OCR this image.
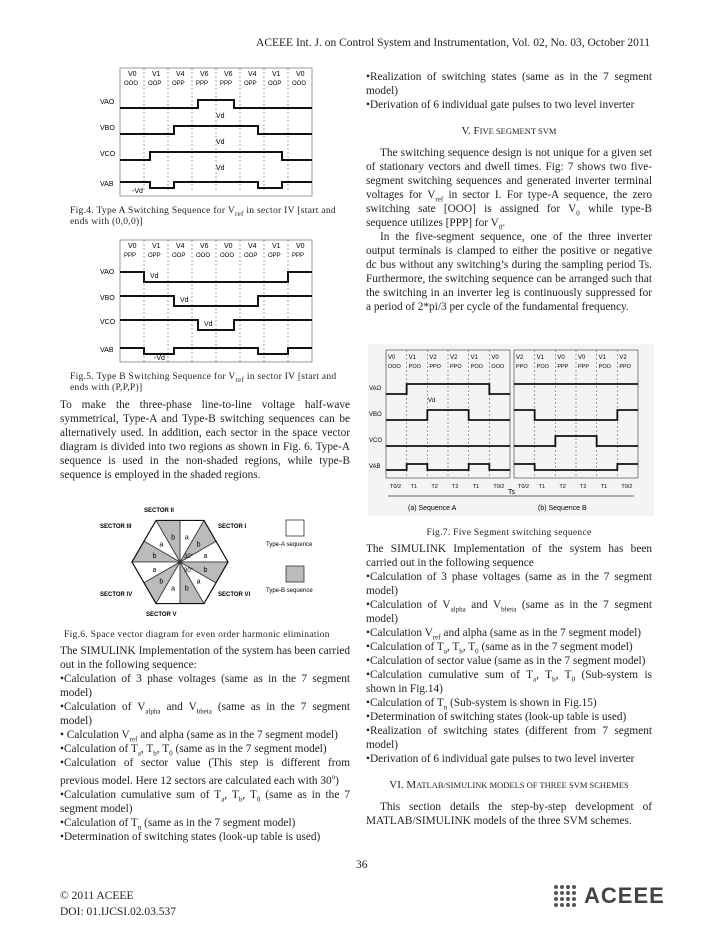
ACEEE Int. J. on Control System and Instrumentation, Vol. 02, No. 03, October 2011
V0
OOO
V1
OOP
V4
OPP
V6
PPP
V6
PPP
V4
OPP
V1
OOP
V0
OOO
VAO
VBO
VCO
VAB
Vd
Vd
Vd
-Vd
Fig.4. Type A Switching Sequence for $V_{ref}$ in sector IV [start and ends with (0,0,0)]
V0
PPP
V1
OPP
V4
OOP
V6
OOO
V0
OOO
V4
OOP
V1
OPP
V0
PPP
VAO
VBO
VCO
VAB
Vd
Vd
Vd
-Vd
Fig.5. Type B Switching Sequence for $V_{ref}$ in sector IV [start and ends with (P,P,P)]

To make the three-phase line-to-line voltage half-wave symmetrical, Type-A and Type-B switching sequences can be alternatively used. In addition, each sector in the space vector diagram is divided into two regions as shown in Fig. 6. Type-A sequence is used in the non-shaded regions, while type-B sequence is employed in the shaded regions.

a
b
a
b
a
b
a
b
a b
a
b
30°
30°
SECTOR II
SECTOR I
SECTOR III
SECTOR IV
SECTOR V
SECTOR VI
Type-A sequence
Type-B sequence
Fig.6. Space vector diagram for even order harmonic elimination

The SIMULINK Implementation of the system has been carried out in the following sequence:

• Calculation of 3 phase voltages (same as in the 7 segment model)

• Calculation of $V_{alpha}$ and $V_{bheta}$ (same as in the 7 segment model)

• Calculation $V_{ref}$ and alpha (same as in the 7 segment model)

• Calculation of $T_a$, $T_b$, $T_0$ (same as in the 7 segment model)

• Calculation of sector value (This step is different from previous model. Here 12 sectors are calculated each with 30$^o$)

• Calculation cumulative sum of $T_a$, $T_b$, $T_0$ (same as in the 7 segment model)

• Calculation of $T_n$ (same as in the 7 segment model)

• Determination of switching states (look-up table is used)

• Realization of switching states (same as in the 7 segment model)

• Derivation of 6 individual gate pulses to two level inverter

V. FIVE SEGMENT SVM

The switching sequence design is not unique for a given set of stationary vectors and dwell times. Fig: 7 shows two five-segment switching sequences and generated inverter terminal voltages for $V_{ref}$ in sector I. For type-A sequence, the zero switching sate [OOO] is assigned for $V_0$ while type-B sequence utilizes [PPP] for $V_0$.

In the five-segment sequence, one of the three inverter output terminals is clamped to either the positive or negative dc bus without any switching’s during the sampling period Ts. Furthermore, the switching sequence can be arranged such that the switching in an inverter leg is continuously suppressed for a period of 2*pi/3 per cycle of the fundamental frequency.

V0
OOO
T0/2
V1
POO
T1
V2
PPO
T2
V2
PPO
T2
V1
POO
T1
V0
OOO
T0/2
VAO
VBO
VCO
VAB
Vd
V2
PPO
T0/2
V1
POO
T1
V0
PPP
T2
V0
PPP
T2
V1
POO
T1
V2
PPO
T0/2
Ts
(a) Sequence A	(b) Sequence B
Fig.7. Five Segment switching sequence

The SIMULINK Implementation of the system has been carried out in the following sequence

• Calculation of 3 phase voltages (same as in the 7 segment model)

• Calculation of $V_{alpha}$ and $V_{bheta}$ (same as in the 7 segment model)

• Calculation $V_{ref}$ and alpha (same as in the 7 segment model)

• Calculation of $T_a$, $T_b$, $T_0$ (same as in the 7 segment model)

• Calculation of sector value (same as in the 7 segment model)

• Calculation cumulative sum of $T_a$, $T_b$, $T_0$ (Sub-system is shown in Fig.14)

• Calculation of $T_n$ (Sub-system is shown in Fig.15)

• Determination of switching states (look-up table is used)

• Realization of switching states (different from 7 segment model)

• Derivation of 6 individual gate pulses to two level inverter

VI. MATLAB/SIMULINK MODELS OF THREE SVM SCHEMES

This section details the step-by-step development of MATLAB/SIMULINK models of the three SVM schemes.

36
© 2011 ACEEE
DOI: 01.IJCSI.02.03.537
ACEEE
